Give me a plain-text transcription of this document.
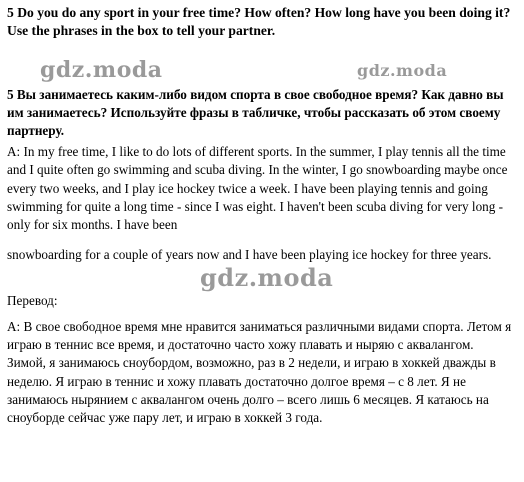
5 Do you do any sport in your free time? How often? How long have you been doing it? Use the phrases in the box to tell your partner.

5 Вы занимаетесь каким-либо видом спорта в свое свободное время? Как давно вы им занимаетесь? Используйте фразы в табличке, чтобы рассказать об этом своему партнеру.

gdz.moda	gdz.moda

A: In my free time, I like to do lots of different sports. In the summer, I play tennis all the time and I quite often go swimming and scuba diving. In the winter, I go snowboarding maybe once every two weeks, and I play ice hockey twice a week. I have been playing tennis and going swimming for quite a long time - since I was eight. I haven't been scuba diving for very long -only for six months. I have been

snowboarding for a couple of years now and I have been playing ice hockey for three years.

gdz.moda

Перевод:

А: В свое свободное время мне нравится заниматься различными видами спорта. Летом я играю в теннис все время, и достаточно часто хожу плавать и ныряю с аквалангом. Зимой, я занимаюсь сноубордом, возможно, раз в 2 недели, и играю в хоккей дважды в неделю. Я играю в теннис и хожу плавать достаточно долгое время – с 8 лет. Я не занимаюсь нырянием с аквалангом очень долго – всего лишь 6 месяцев. Я катаюсь на сноуборде сейчас уже пару лет, и играю в хоккей 3 года.
